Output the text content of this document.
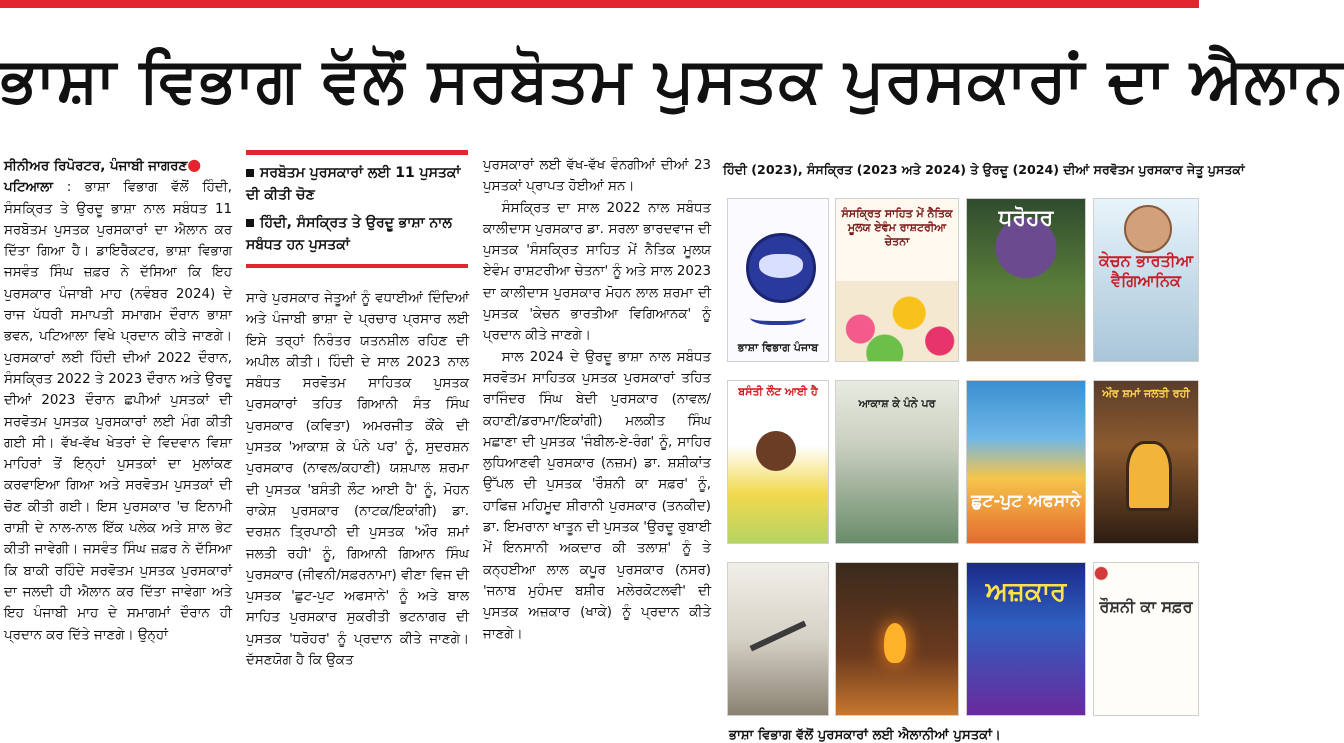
ਭਾਸ਼ਾ ਵਿਭਾਗ ਵੱਲੋਂ ਸਰਬੋਤਮ ਪੁਸਤਕ ਪੁਰਸਕਾਰਾਂ ਦਾ ਐਲਾਨ

ਸੀਨੀਅਰ ਰਿਪੋਰਟਰ, ਪੰਜਾਬੀ ਜਾਗਰਣ●
ਪਟਿਆਲਾ : ਭਾਸ਼ਾ ਵਿਭਾਗ ਵੱਲੋਂ ਹਿੰਦੀ, ਸੰਸਕ੍ਰਿਤ ਤੇ ਉਰਦੂ ਭਾਸ਼ਾ ਨਾਲ ਸਬੰਧਤ 11 ਸਰਬੋਤਮ ਪੁਸਤਕ ਪੁਰਸਕਾਰਾਂ ਦਾ ਐਲਾਨ ਕਰ ਦਿੱਤਾ ਗਿਆ ਹੈ। ਡਾਇਰੈਕਟਰ, ਭਾਸ਼ਾ ਵਿਭਾਗ ਜਸਵੰਤ ਸਿੰਘ ਜ਼ਫ਼ਰ ਨੇ ਦੱਸਿਆ ਕਿ ਇਹ ਪੁਰਸਕਾਰ ਪੰਜਾਬੀ ਮਾਹ (ਨਵੰਬਰ 2024) ਦੇ ਰਾਜ ਪੱਧਰੀ ਸਮਾਪਤੀ ਸਮਾਗਮ ਦੌਰਾਨ ਭਾਸ਼ਾ ਭਵਨ, ਪਟਿਆਲਾ ਵਿਖੇ ਪ੍ਰਦਾਨ ਕੀਤੇ ਜਾਣਗੇ। ਪੁਰਸਕਾਰਾਂ ਲਈ ਹਿੰਦੀ ਦੀਆਂ 2022 ਦੌਰਾਨ, ਸੰਸਕ੍ਰਿਤ 2022 ਤੇ 2023 ਦੌਰਾਨ ਅਤੇ ਉਰਦੂ ਦੀਆਂ 2023 ਦੌਰਾਨ ਛਪੀਆਂ ਪੁਸਤਕਾਂ ਦੀ ਸਰਵੋਤਮ ਪੁਸਤਕ ਪੁਰਸਕਾਰਾਂ ਲਈ ਮੰਗ ਕੀਤੀ ਗਈ ਸੀ। ਵੱਖ-ਵੱਖ ਖੇਤਰਾਂ ਦੇ ਵਿਦਵਾਨ ਵਿਸ਼ਾ ਮਾਹਿਰਾਂ ਤੋਂ ਇਨ੍ਹਾਂ ਪੁਸਤਕਾਂ ਦਾ ਮੁਲਾਂਕਣ ਕਰਵਾਇਆ ਗਿਆ ਅਤੇ ਸਰਵੋਤਮ ਪੁਸਤਕਾਂ ਦੀ ਚੋਣ ਕੀਤੀ ਗਈ। ਇਸ ਪੁਰਸਕਾਰ 'ਚ ਇਨਾਮੀ ਰਾਸ਼ੀ ਦੇ ਨਾਲ-ਨਾਲ ਇੱਕ ਪਲੇਕ ਅਤੇ ਸ਼ਾਲ ਭੇਟ ਕੀਤੀ ਜਾਵੇਗੀ। ਜਸਵੰਤ ਸਿੰਘ ਜ਼ਫ਼ਰ ਨੇ ਦੱਸਿਆ ਕਿ ਬਾਕੀ ਰਹਿੰਦੇ ਸਰਵੋਤਮ ਪੁਸਤਕ ਪੁਰਸਕਾਰਾਂ ਦਾ ਜਲਦੀ ਹੀ ਐਲਾਨ ਕਰ ਦਿੱਤਾ ਜਾਵੇਗਾ ਅਤੇ ਇਹ ਪੰਜਾਬੀ ਮਾਹ ਦੇ ਸਮਾਗਮਾਂ ਦੌਰਾਨ ਹੀ ਪ੍ਰਦਾਨ ਕਰ ਦਿੱਤੇ ਜਾਣਗੇ। ਉਨ੍ਹਾਂ

ਸਰਬੋਤਮ ਪੁਰਸਕਾਰਾਂ ਲਈ 11 ਪੁਸਤਕਾਂ ਦੀ ਕੀਤੀ ਚੋਣ
ਹਿੰਦੀ, ਸੰਸਕ੍ਰਿਤ ਤੇ ਉਰਦੂ ਭਾਸ਼ਾ ਨਾਲ ਸਬੰਧਤ ਹਨ ਪੁਸਤਕਾਂ

ਸਾਰੇ ਪੁਰਸਕਾਰ ਜੇਤੂਆਂ ਨੂੰ ਵਧਾਈਆਂ ਦਿੰਦਿਆਂ ਅਤੇ ਪੰਜਾਬੀ ਭਾਸ਼ਾ ਦੇ ਪ੍ਰਚਾਰ ਪ੍ਰਸਾਰ ਲਈ ਇਸੇ ਤਰ੍ਹਾਂ ਨਿਰੰਤਰ ਯਤਨਸ਼ੀਲ ਰਹਿਣ ਦੀ ਅਪੀਲ ਕੀਤੀ। ਹਿੰਦੀ ਦੇ ਸਾਲ 2023 ਨਾਲ ਸਬੰਧਤ ਸਰਵੋਤਮ ਸਾਹਿਤਕ ਪੁਸਤਕ ਪੁਰਸਕਾਰਾਂ ਤਹਿਤ ਗਿਆਨੀ ਸੰਤ ਸਿੰਘ ਪੁਰਸਕਾਰ (ਕਵਿਤਾ) ਅਮਰਜੀਤ ਕੌਂਕੇ ਦੀ ਪੁਸਤਕ 'ਆਕਾਸ਼ ਕੇ ਪੰਨੇ ਪਰ' ਨੂੰ, ਸੁਦਰਸ਼ਨ ਪੁਰਸਕਾਰ (ਨਾਵਲ/ਕਹਾਣੀ) ਯਸ਼ਪਾਲ ਸ਼ਰਮਾ ਦੀ ਪੁਸਤਕ 'ਬਸੰਤੀ ਲੌਟ ਆਈ ਹੈ' ਨੂੰ, ਮੋਹਨ ਰਾਕੇਸ਼ ਪੁਰਸਕਾਰ (ਨਾਟਕ/ਇਕਾਂਗੀ) ਡਾ. ਦਰਸ਼ਨ ਤ੍ਰਿਪਾਠੀ ਦੀ ਪੁਸਤਕ 'ਔਰ ਸ਼ਮਾਂ ਜਲਤੀ ਰਹੀ' ਨੂੰ, ਗਿਆਨੀ ਗਿਆਨ ਸਿੰਘ ਪੁਰਸਕਾਰ (ਜੀਵਨੀ/ਸਫ਼ਰਨਾਮਾ) ਵੀਣਾ ਵਿਜ ਦੀ ਪੁਸਤਕ 'ਛੁਟ-ਪੁਟ ਅਫਸਾਨੇ' ਨੂੰ ਅਤੇ ਬਾਲ ਸਾਹਿਤ ਪੁਰਸਕਾਰ ਸੁਕਰੀਤੀ ਭਟਨਾਗਰ ਦੀ ਪੁਸਤਕ 'ਧਰੋਹਰ' ਨੂੰ ਪ੍ਰਦਾਨ ਕੀਤੇ ਜਾਣਗੇ। ਦੱਸਣਯੋਗ ਹੈ ਕਿ ਉਕਤ

ਪੁਰਸਕਾਰਾਂ ਲਈ ਵੱਖ-ਵੱਖ ਵੰਨਗੀਆਂ ਦੀਆਂ 23 ਪੁਸਤਕਾਂ ਪ੍ਰਾਪਤ ਹੋਈਆਂ ਸਨ।

ਸੰਸਕ੍ਰਿਤ ਦਾ ਸਾਲ 2022 ਨਾਲ ਸਬੰਧਤ ਕਾਲੀਦਾਸ ਪੁਰਸਕਾਰ ਡਾ. ਸਰਲਾ ਭਾਰਦਵਾਜ ਦੀ ਪੁਸਤਕ 'ਸੰਸਕ੍ਰਿਤ ਸਾਹਿਤ ਮੇਂ ਨੈਤਿਕ ਮੂਲਯ ਏਵੰਮ ਰਾਸ਼ਟਰੀਆ ਚੇਤਨਾ' ਨੂੰ ਅਤੇ ਸਾਲ 2023 ਦਾ ਕਾਲੀਦਾਸ ਪੁਰਸਕਾਰ ਮੋਹਨ ਲਾਲ ਸ਼ਰਮਾ ਦੀ ਪੁਸਤਕ 'ਕੇਚਨ ਭਾਰਤੀਆ ਵਿਗਿਆਨਕ' ਨੂੰ ਪ੍ਰਦਾਨ ਕੀਤੇ ਜਾਣਗੇ।

ਸਾਲ 2024 ਦੇ ਉਰਦੂ ਭਾਸ਼ਾ ਨਾਲ ਸਬੰਧਤ ਸਰਵੋਤਮ ਸਾਹਿਤਕ ਪੁਸਤਕ ਪੁਰਸਕਾਰਾਂ ਤਹਿਤ ਰਾਜਿੰਦਰ ਸਿੰਘ ਬੇਦੀ ਪੁਰਸਕਾਰ (ਨਾਵਲ/ਕਹਾਣੀ/ਡਰਾਮਾ/ਇਕਾਂਗੀ) ਮਲਕੀਤ ਸਿੰਘ ਮਛਾਣਾ ਦੀ ਪੁਸਤਕ 'ਜੰਬੀਲ-ਏ-ਰੰਗ' ਨੂੰ, ਸਾਹਿਰ ਲੁਧਿਆਣਵੀ ਪੁਰਸਕਾਰ (ਨਜ਼ਮ) ਡਾ. ਸ਼ਸ਼ੀਕਾਂਤ ਉੱਪਲ ਦੀ ਪੁਸਤਕ 'ਰੌਸ਼ਨੀ ਕਾ ਸਫ਼ਰ' ਨੂੰ, ਹਾਫਿਜ਼ ਮਹਿਮੂਦ ਸ਼ੀਰਾਨੀ ਪੁਰਸਕਾਰ (ਤਨਕੀਦ) ਡਾ. ਇਮਰਾਨਾ ਖਾਤੂਨ ਦੀ ਪੁਸਤਕ 'ਉਰਦੂ ਰੁਬਾਈ ਮੇਂ ਇਨਸਾਨੀ ਅਕਦਾਰ ਕੀ ਤਲਾਸ਼' ਨੂੰ ਤੇ ਕਨ੍ਹਈਆ ਲਾਲ ਕਪੂਰ ਪੁਰਸਕਾਰ (ਨਸਰ) 'ਜਨਾਬ ਮੁਹੰਮਦ ਬਸ਼ੀਰ ਮਲੇਰਕੋਟਲਵੀ' ਦੀ ਪੁਸਤਕ ਅਜ਼ਕਾਰ (ਖਾਕੇ) ਨੂੰ ਪ੍ਰਦਾਨ ਕੀਤੇ ਜਾਣਗੇ।

ਹਿੰਦੀ (2023), ਸੰਸਕ੍ਰਿਤ (2023 ਅਤੇ 2024) ਤੇ ਉਰਦੂ (2024) ਦੀਆਂ ਸਰਵੋਤਮ ਪੁਰਸਕਾਰ ਜੇਤੂ ਪੁਸਤਕਾਂ
ਭਾਸ਼ਾ ਵਿਭਾਗ ਪੰਜਾਬ
ਸੰਸਕ੍ਰਿਤ ਸਾਹਿਤ ਮੇਂ ਨੈਤਿਕ ਮੂਲਯ ਏਵੰਮ ਰਾਸ਼ਟਰੀਆ ਚੇਤਨਾ
ਧਰੋਹਰ
ਕੇਚਨ ਭਾਰਤੀਆ ਵੈਗਿਆਨਿਕ
ਬਸੰਤੀ ਲੌਟ ਆਈ ਹੈ
ਆਕਾਸ਼ ਕੇ ਪੰਨੇ ਪਰ
ਛੁਟ-ਪੁਟ ਅਫਸਾਨੇ
ਔਰ ਸ਼ਮਾਂ ਜਲਤੀ ਰਹੀ
ਅਜ਼ਕਾਰ	ਰੌਸ਼ਨੀ ਕਾ ਸਫ਼ਰ
ਭਾਸ਼ਾ ਵਿਭਾਗ ਵੱਲੋਂ ਪੁਰਸਕਾਰਾਂ ਲਈ ਐਲਾਨੀਆਂ ਪੁਸਤਕਾਂ।
